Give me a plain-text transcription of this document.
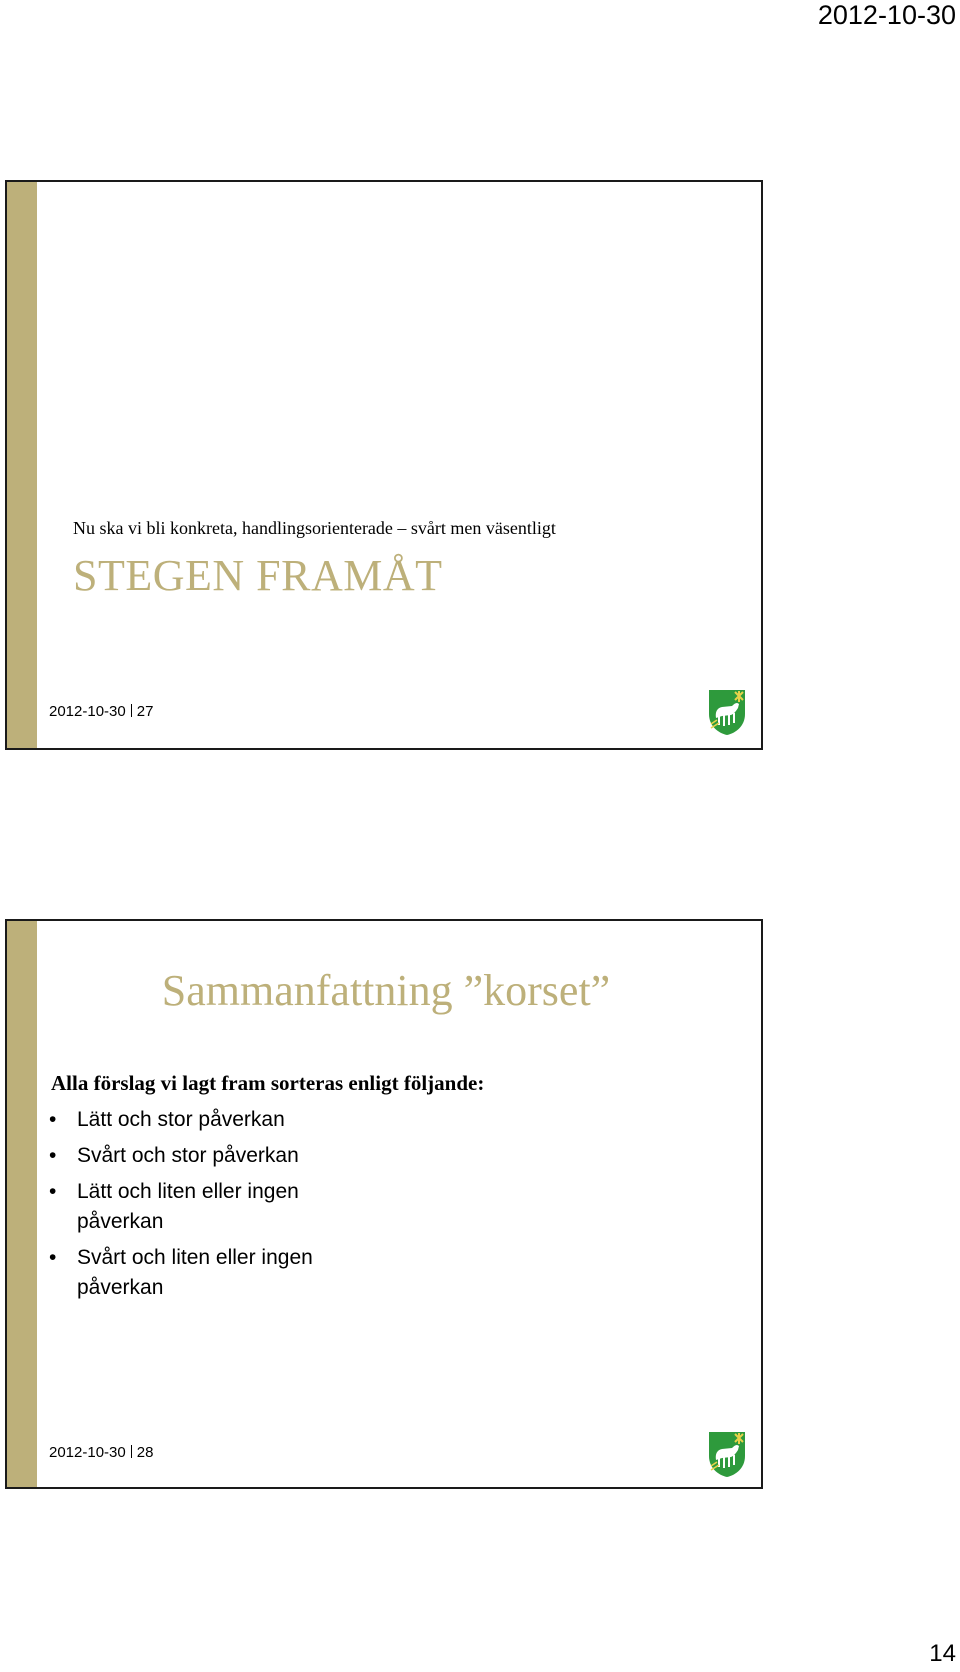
2012-10-30
Nu ska vi bli konkreta, handlingsorienterade – svårt men väsentligt
STEGEN FRAMÅT
2012-10-30 27
Sammanfattning ”korset”
Alla förslag vi lagt fram sorteras enligt följande:
• Lätt och stor påverkan
• Svårt och stor påverkan
• Lätt och liten eller ingen påverkan
• Svårt och liten eller ingen påverkan
2012-10-30 28
14
